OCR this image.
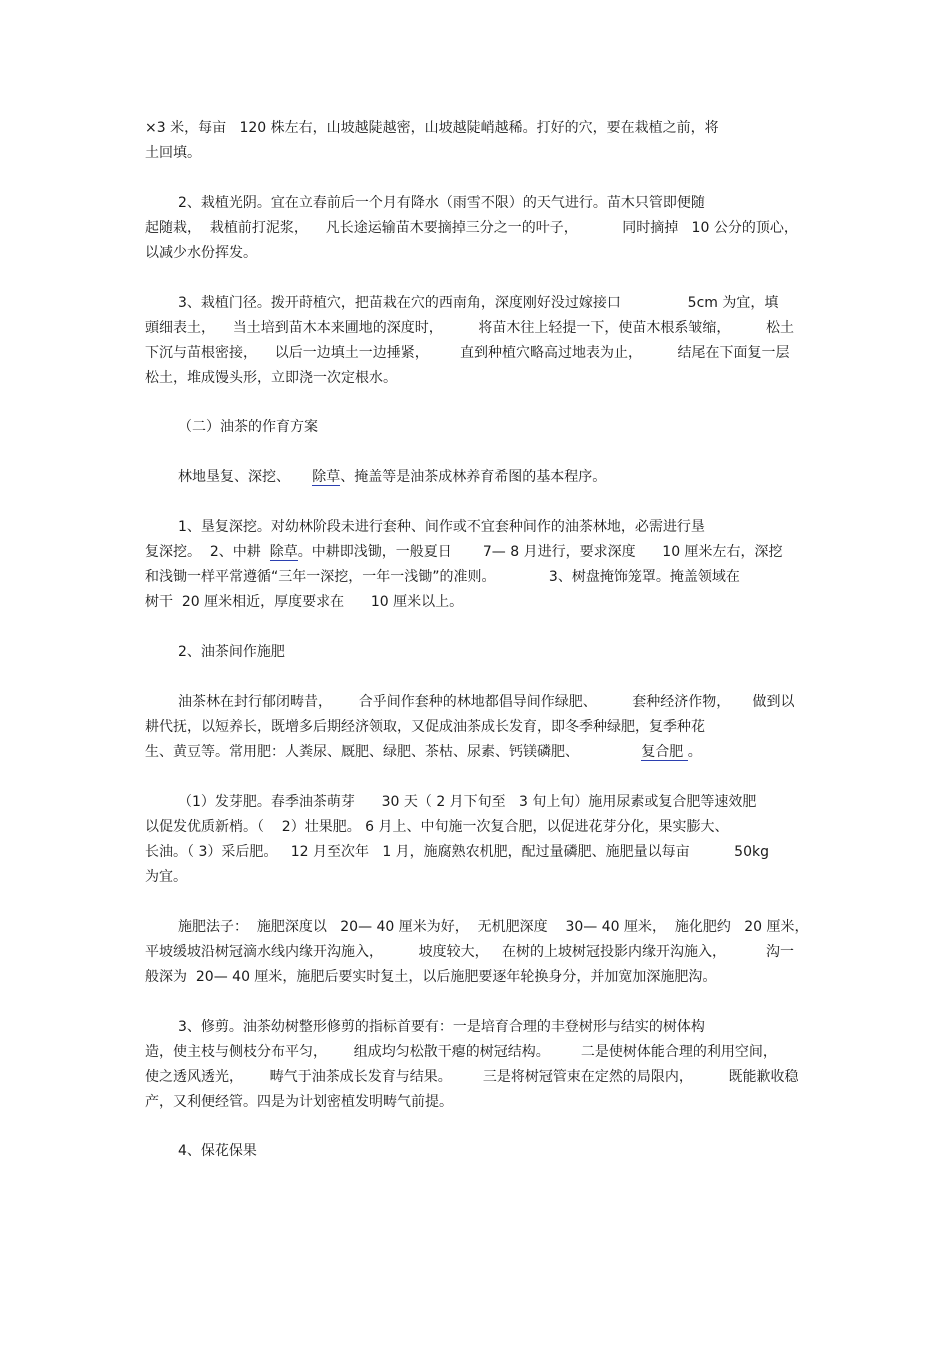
×3 米，每亩   120 株左右，山坡越陡越密，山坡越陡峭越稀。打好的穴，要在栽植之前，将
土回填。
2、栽植光阴。宜在立春前后一个月有降水（雨雪不限）的天气进行。苗木只管即便随
起随栽，  栽植前打泥浆，    凡长途运输苗木要摘掉三分之一的叶子，          同时摘掉   10 公分的顶心，
以减少水份挥发。
3、栽植门径。拨开莳植穴，把苗栽在穴的西南角，深度刚好没过嫁接口               5cm 为宜，填
頭细表土，    当土培到苗木本来圃地的深度时，        将苗木往上轻提一下，使苗木根系皱缩，        松土
下沉与苗根密接，    以后一边填土一边捶紧，       直到种植穴略高过地表为止，        结尾在下面复一层
松土，堆成馒头形，立即浇一次定根水。
（二）油茶的作育方案
林地垦复、深挖、     除草、掩盖等是油茶成林养育希图的基本程序。
1、垦复深挖。对幼林阶段未进行套种、间作或不宜套种间作的油茶林地，必需进行垦
复深挖。  2、中耕  除草。中耕即浅锄，一般夏日       7— 8 月进行，要求深度      10 厘米左右，深挖
和浅锄一样平常遵循“三年一深挖，一年一浅锄”的准则。            3、树盘掩饰笼罩。掩盖领域在
树干  20 厘米相近，厚度要求在      10 厘米以上。
2、油茶间作施肥
油茶林在封行郁闭畴昔，      合乎间作套种的林地都倡导间作绿肥、        套种经济作物，     做到以
耕代抚，以短养长，既增多后期经济领取，又促成油茶成长发育，即冬季种绿肥，复季种花
生、黄豆等。常用肥：人粪尿、厩肥、绿肥、茶枯、尿素、钙镁磷肥、              复合肥 。
（1）发芽肥。春季油茶萌芽      30 天（ 2 月下旬至   3 旬上旬）施用尿素或复合肥等速效肥
以促发优质新梢。（    2）壮果肥。 6 月上、中旬施一次复合肥，以促进花芽分化，果实膨大、
长油。（ 3）采后肥。   12 月至次年   1 月，施腐熟农机肥，配过量磷肥、施肥量以每亩          50kg
为宜。
施肥法子：  施肥深度以   20— 40 厘米为好，  无机肥深度    30— 40 厘米，  施化肥约   20 厘米，
平坡缓坡沿树冠滴水线内缘开沟施入，        坡度较大，   在树的上坡树冠投影内缘开沟施入，         沟一
般深为  20— 40 厘米，施肥后要实时复土，以后施肥要逐年轮换身分，并加宽加深施肥沟。
3、修剪。油茶幼树整形修剪的指标首要有：一是培育合理的丰登树形与结实的树体构
造，使主枝与侧枝分布平匀，      组成均匀松散干瘪的树冠结构。       二是使树体能合理的利用空间，
使之透风透光，      畴气于油茶成长发育与结果。       三是将树冠管束在定然的局限内，        既能歉收稳
产，又利便经管。四是为计划密植发明畴气前提。
4、保花保果
